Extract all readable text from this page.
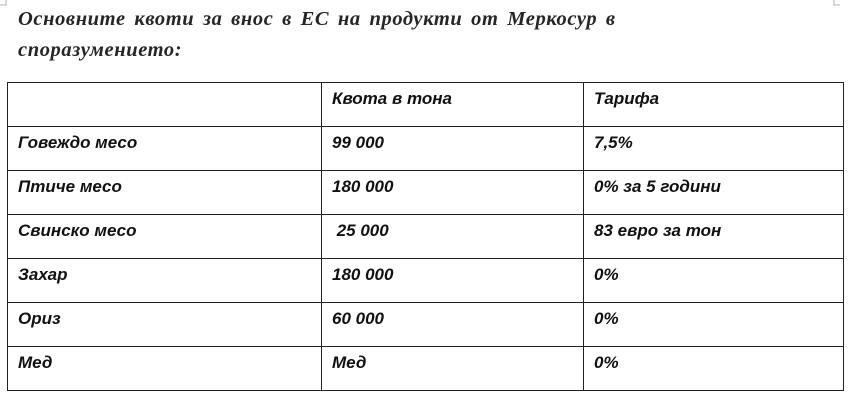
Основните квоти за внос в ЕС на продукти от Меркосур в
споразумението:
	Квота в тона	Тарифа
Говеждо месо	99 000	7,5%
Птиче месо	180 000	0% за 5 години
Свинско месо	25 000	83 евро за тон
Захар	180 000	0%
Ориз	60 000	0%
Мед	Мед	0%
